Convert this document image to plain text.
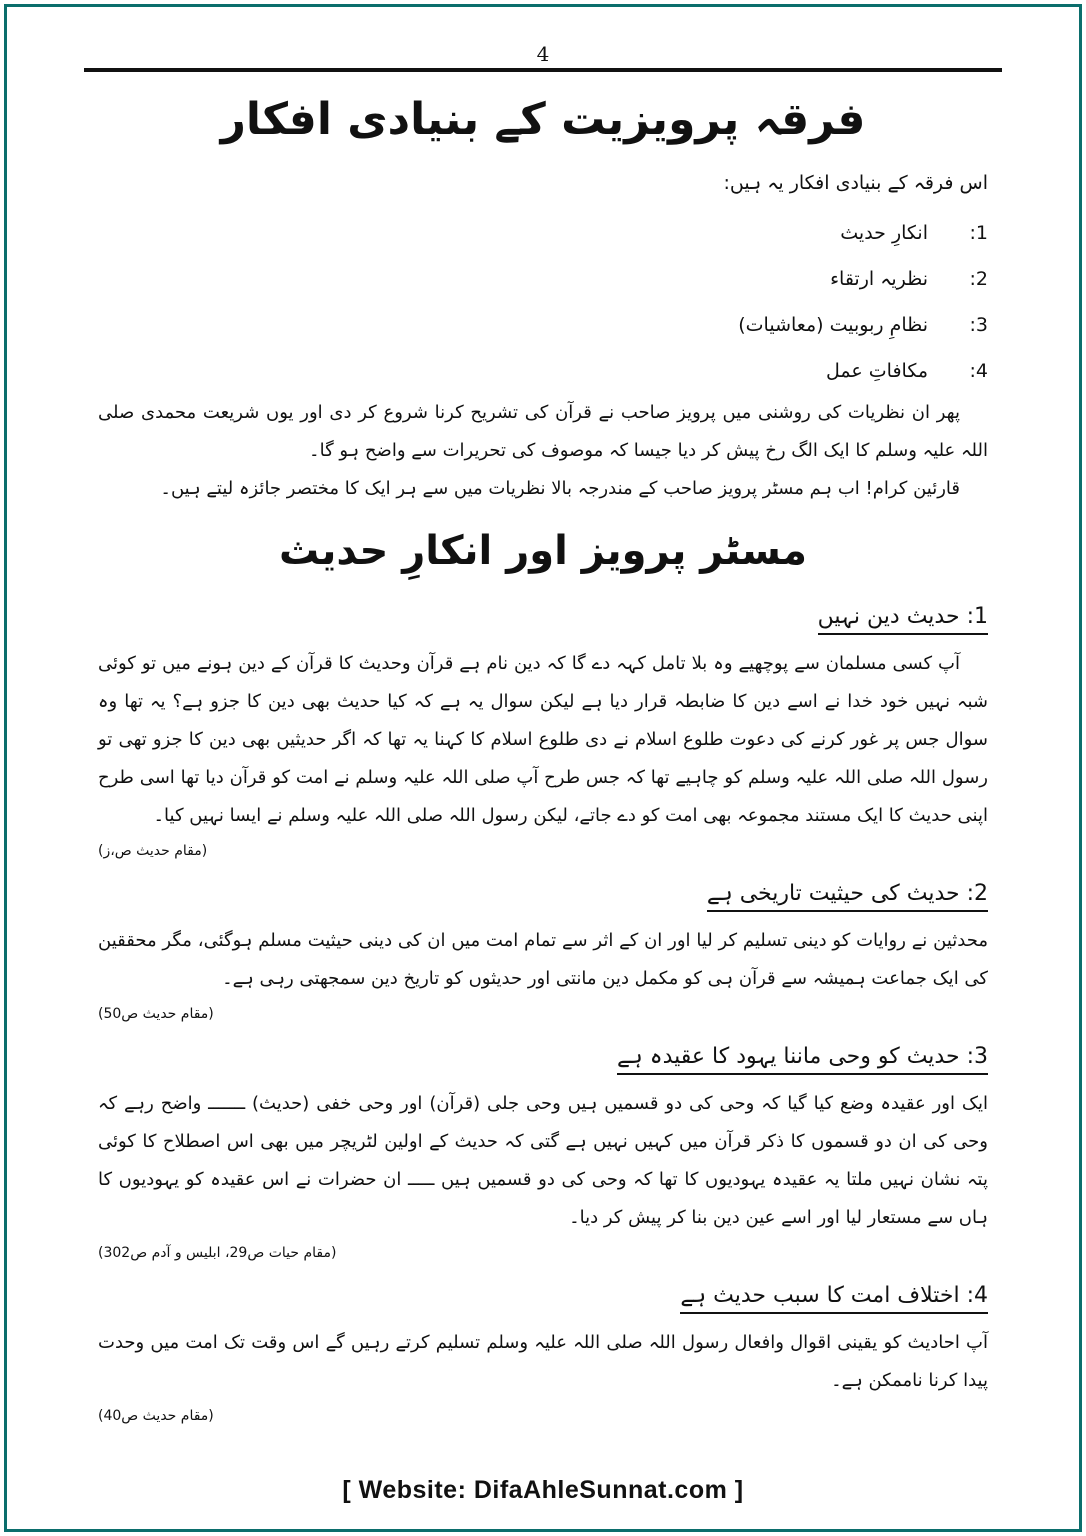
4
فرقہ پرویزیت کے بنیادی افکار

اس فرقہ کے بنیادی افکار یہ ہیں:

1:
انکارِ حدیث
2:
نظریہ ارتقاء
3:
نظامِ ربوبیت (معاشیات)
4:
مکافاتِ عمل

پھر ان نظریات کی روشنی میں پرویز صاحب نے قرآن کی تشریح کرنا شروع کر دی اور یوں شریعت محمدی صلی اللہ علیہ وسلم کا ایک الگ رخ پیش کر دیا جیسا کہ موصوف کی تحریرات سے واضح ہو گا۔

قارئین کرام! اب ہم مسٹر پرویز صاحب کے مندرجہ بالا نظریات میں سے ہر ایک کا مختصر جائزہ لیتے ہیں۔

مسٹر پرویز اور انکارِ حدیث
1: حدیث دین نہیں

آپ کسی مسلمان سے پوچھیے وہ بلا تامل کہہ دے گا کہ دین نام ہے قرآن وحدیث کا قرآن کے دین ہونے میں تو کوئی شبہ نہیں خود خدا نے اسے دین کا ضابطہ قرار دیا ہے لیکن سوال یہ ہے کہ کیا حدیث بھی دین کا جزو ہے؟ یہ تھا وہ سوال جس پر غور کرنے کی دعوت طلوع اسلام نے دی طلوع اسلام کا کہنا یہ تھا کہ اگر حدیثیں بھی دین کا جزو تھی تو رسول اللہ صلی اللہ علیہ وسلم کو چاہیے تھا کہ جس طرح آپ صلی اللہ علیہ وسلم نے امت کو قرآن دیا تھا اسی طرح اپنی حدیث کا ایک مستند مجموعہ بھی امت کو دے جاتے، لیکن رسول اللہ صلی اللہ علیہ وسلم نے ایسا نہیں کیا۔

(مقام حدیث ص،ز)
2: حدیث کی حیثیت تاریخی ہے

محدثین نے روایات کو دینی تسلیم کر لیا اور ان کے اثر سے تمام امت میں ان کی دینی حیثیت مسلم ہوگئی، مگر محققین کی ایک جماعت ہمیشہ سے قرآن ہی کو مکمل دین مانتی اور حدیثوں کو تاریخ دین سمجھتی رہی ہے۔

(مقام حدیث ص50)
3: حدیث کو وحی ماننا یہود کا عقیدہ ہے

ایک اور عقیدہ وضع کیا گیا کہ وحی کی دو قسمیں ہیں وحی جلی (قرآن) اور وحی خفی (حدیث) ـــــــ واضح رہے کہ وحی کی ان دو قسموں کا ذکر قرآن میں کہیں نہیں ہے گتی کہ حدیث کے اولین لٹریچر میں بھی اس اصطلاح کا کوئی پتہ نشان نہیں ملتا یہ عقیدہ یہودیوں کا تھا کہ وحی کی دو قسمیں ہیں ـــــ ان حضرات نے اس عقیدہ کو یہودیوں کا ہاں سے مستعار لیا اور اسے عین دین بنا کر پیش کر دیا۔

(مقام حیات ص29، ابلیس و آدم ص302)
4: اختلاف امت کا سبب حدیث ہے

آپ احادیث کو یقینی اقوال وافعال رسول اللہ صلی اللہ علیہ وسلم تسلیم کرتے رہیں گے اس وقت تک امت میں وحدت پیدا کرنا ناممکن ہے۔

(مقام حدیث ص40)
[ Website: DifaAhleSunnat.com ]
